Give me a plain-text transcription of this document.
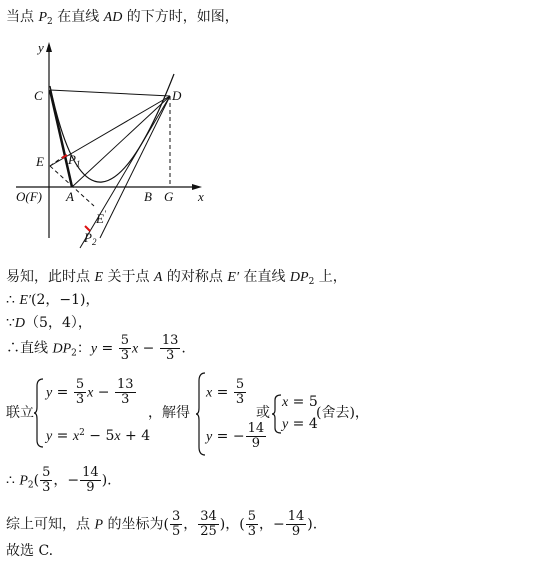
当点 $P_2$ 在直线 AD 的下方时，如图，
y
x
C	D
E $P_1$
O(F) A	B G
E′
$P_2$
易知，此时点 E 关于点 A 的对称点 E′ 在直线 $DP_2$ 上，
∴ E′(2，−1)，
∵D（5，4），
∴直线 $DP_2$：$y = \frac{5}{3}$ $x - \frac{13}{3}$ .
联立
$y = \frac{5}{3}$ $x - \frac{13}{3}$
$y = x^2 - 5x + 4$
，解得
$x = \frac{5}{3}$
y = − $\frac{14}{9}$
或
x = 5
y = 4
(舍去)，
∴ $P_2( \frac{5}{3}$ ，− $\frac{14}{9}$ ).
综上可知，点 P 的坐标为( $\frac{3}{5}$ ， $\frac{34}{25}$ )，( $\frac{5}{3}$ ，− $\frac{14}{9}$ ).
故选 C.
